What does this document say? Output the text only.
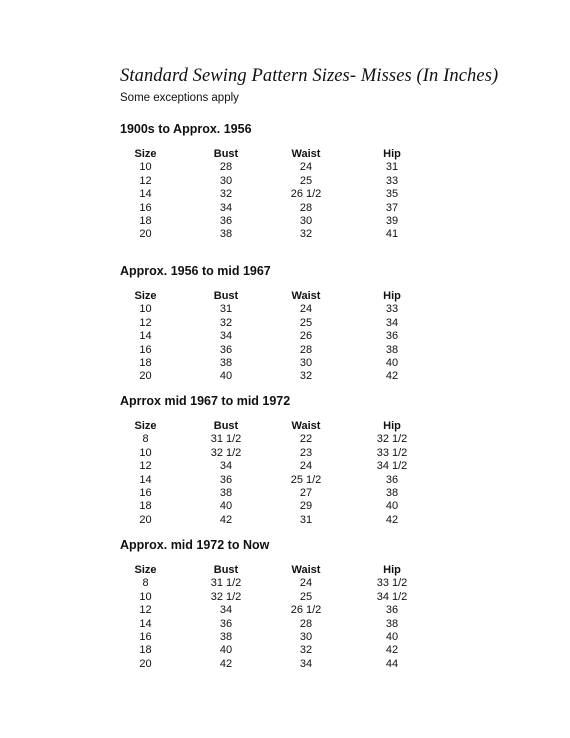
Standard Sewing Pattern Sizes- Misses (In Inches)
Some exceptions apply
1900s to Approx. 1956
Size	Bust	Waist	Hip
10	28	24	31
12	30	25	33
14	32	26 1/2	35
16	34	28	37
18	36	30	39
20	38	32	41
Approx. 1956 to mid 1967
Size	Bust	Waist	Hip
10	31	24	33
12	32	25	34
14	34	26	36
16	36	28	38
18	38	30	40
20	40	32	42
Aprrox mid 1967 to mid 1972
Size	Bust	Waist	Hip
8	31 1/2	22	32 1/2
10	32 1/2	23	33 1/2
12	34	24	34 1/2
14	36	25 1/2	36
16	38	27	38
18	40	29	40
20	42	31	42
Approx. mid 1972 to Now
Size	Bust	Waist	Hip
8	31 1/2	24	33 1/2
10	32 1/2	25	34 1/2
12	34	26 1/2	36
14	36	28	38
16	38	30	40
18	40	32	42
20	42	34	44
